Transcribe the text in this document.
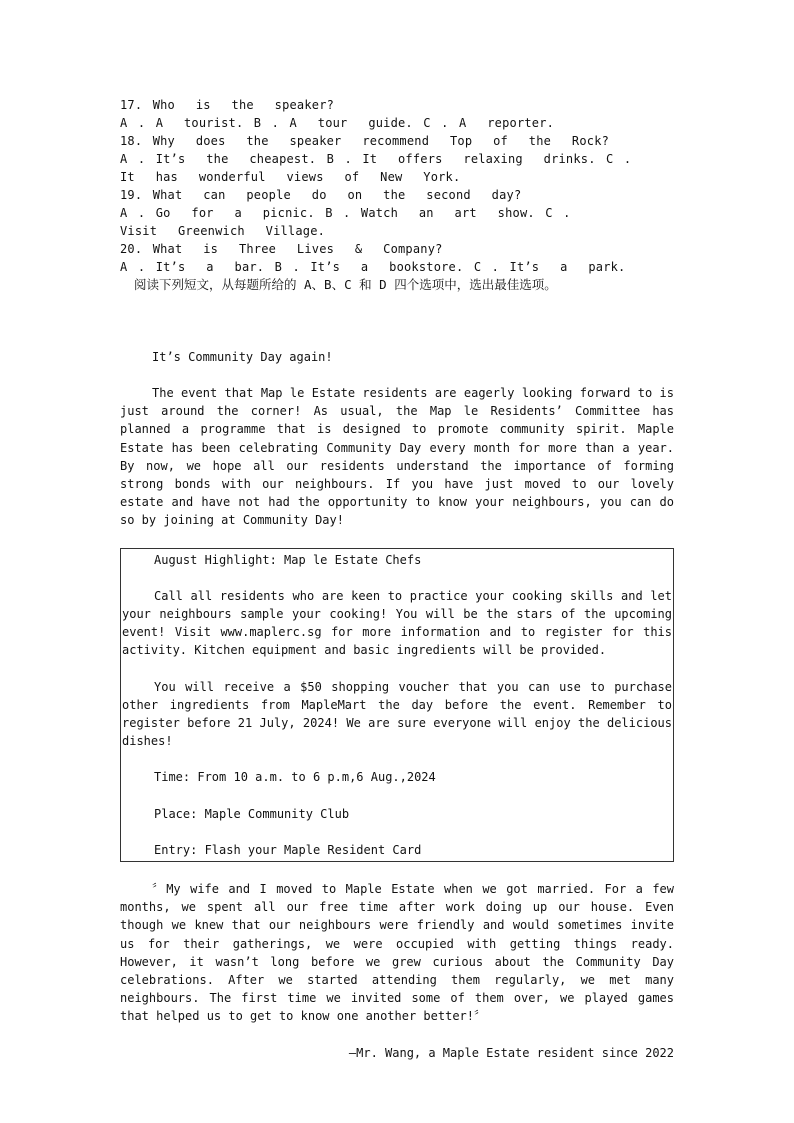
17. Who  is  the  speaker?
A . A  tourist. B . A  tour  guide. C . A  reporter.
18. Why  does  the  speaker  recommend  Top  of  the  Rock?
A . It’s  the  cheapest. B . It  offers  relaxing  drinks. C .
It  has  wonderful  views  of  New  York.
19. What  can  people  do  on  the  second  day?
A . Go  for  a  picnic. B . Watch  an  art  show. C .
Visit  Greenwich  Village.
20. What  is  Three  Lives  &  Company?
A . It’s  a  bar. B . It’s  a  bookstore. C . It’s  a  park.
阅读下列短文，从每题所给的 A、B、C 和 D 四个选项中，选出最佳选项。

It’s Community Day again!

The event that Map le Estate residents are eagerly looking forward to is just around the corner! As usual, the Map le Residents’ Committee has planned a programme that is designed to promote community spirit. Maple Estate has been celebrating Community Day every month for more than a year. By now, we hope all our residents understand the importance of forming strong bonds with our neighbours. If you have just moved to our lovely estate and have not had the opportunity to know your neighbours, you can do so by joining at Community Day!

August Highlight: Map le Estate Chefs

Call all residents who are keen to practice your cooking skills and let your neighbours sample your cooking! You will be the stars of the upcoming event! Visit www.maplerc.sg for more information and to register for this activity. Kitchen equipment and basic ingredients will be provided.

You will receive a $50 shopping voucher that you can use to purchase other ingredients from MapleMart the day before the event. Remember to register before 21 July, 2024! We are sure everyone will enjoy the delicious dishes!

Time: From 10 a.m. to 6 p.m,6 Aug.,2024

Place: Maple Community Club

Entry: Flash your Maple Resident Card

〞My wife and I moved to Maple Estate when we got married. For a few months, we spent all our free time after work doing up our house. Even though we knew that our neighbours were friendly and would sometimes invite us for their gatherings, we were occupied with getting things ready. However, it wasn’t long before we grew curious about the Community Day celebrations. After we started attending them regularly, we met many neighbours. The first time we invited some of them over, we played games that helped us to get to know one another better!〞

—Mr. Wang, a Maple Estate resident since 2022
